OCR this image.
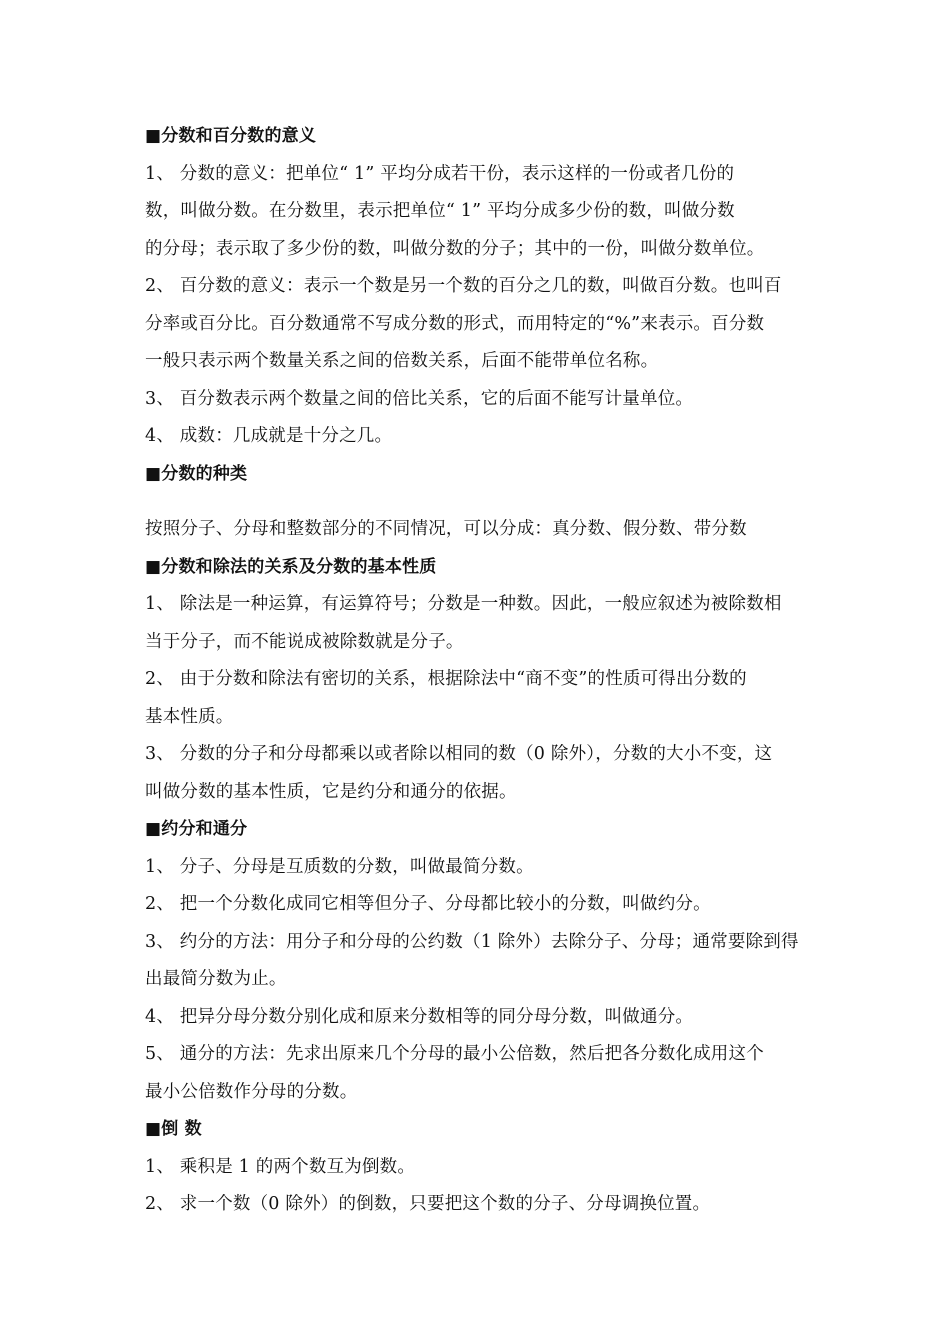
■分数和百分数的意义
1、 分数的意义：把单位“ 1” 平均分成若干份，表示这样的一份或者几份的
数，叫做分数。在分数里，表示把单位“ 1” 平均分成多少份的数，叫做分数
的分母；表示取了多少份的数，叫做分数的分子；其中的一份，叫做分数单位。
2、 百分数的意义：表示一个数是另一个数的百分之几的数，叫做百分数。也叫百
分率或百分比。百分数通常不写成分数的形式，而用特定的“%”来表示。百分数
一般只表示两个数量关系之间的倍数关系，后面不能带单位名称。
3、 百分数表示两个数量之间的倍比关系，它的后面不能写计量单位。
4、 成数：几成就是十分之几。
■分数的种类
按照分子、分母和整数部分的不同情况，可以分成：真分数、假分数、带分数
■分数和除法的关系及分数的基本性质
1、 除法是一种运算，有运算符号；分数是一种数。因此，一般应叙述为被除数相
当于分子，而不能说成被除数就是分子。
2、 由于分数和除法有密切的关系，根据除法中“商不变”的性质可得出分数的
基本性质。
3、 分数的分子和分母都乘以或者除以相同的数（0 除外），分数的大小不变，这
叫做分数的基本性质，它是约分和通分的依据。
■约分和通分
1、 分子、分母是互质数的分数，叫做最简分数。
2、 把一个分数化成同它相等但分子、分母都比较小的分数，叫做约分。
3、 约分的方法：用分子和分母的公约数（1 除外）去除分子、分母；通常要除到得
出最简分数为止。
4、 把异分母分数分别化成和原来分数相等的同分母分数，叫做通分。
5、 通分的方法：先求出原来几个分母的最小公倍数，然后把各分数化成用这个
最小公倍数作分母的分数。
■倒 数
1、 乘积是 1 的两个数互为倒数。
2、 求一个数（0 除外）的倒数，只要把这个数的分子、分母调换位置。
